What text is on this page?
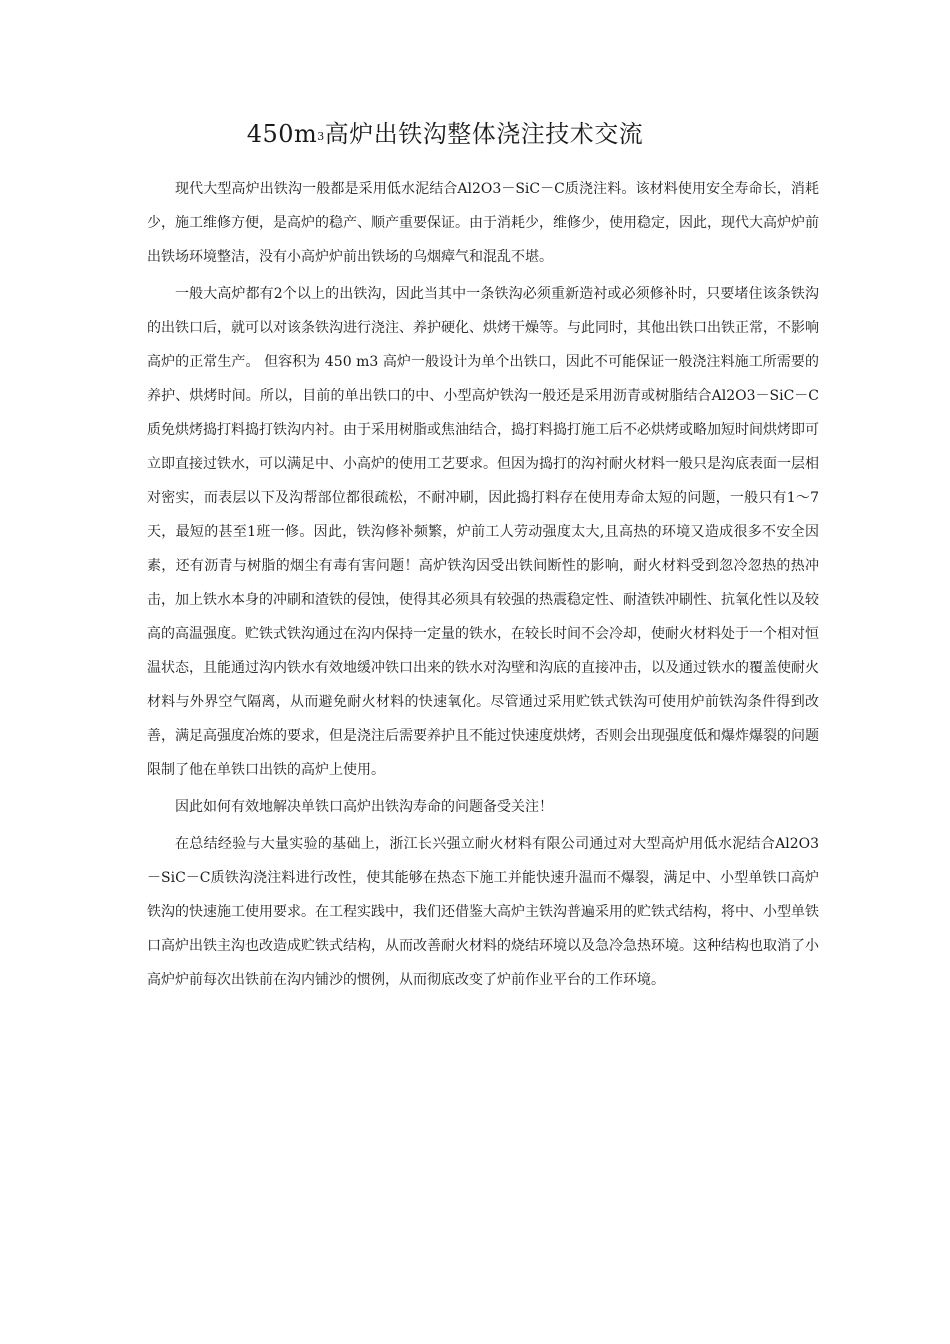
$450m^3$高炉出铁沟整体浇注技术交流

现代大型高炉出铁沟一般都是采用低水泥结合Al2O3－SiC－C质浇注料。该材料使用安全寿命长，消耗少，施工维修方便，是高炉的稳产、顺产重要保证。由于消耗少，维修少，使用稳定，因此，现代大高炉炉前出铁场环境整洁，没有小高炉炉前出铁场的乌烟瘴气和混乱不堪。

一般大高炉都有2个以上的出铁沟，因此当其中一条铁沟必须重新造衬或必须修补时，只要堵住该条铁沟的出铁口后，就可以对该条铁沟进行浇注、养护硬化、烘烤干燥等。与此同时，其他出铁口出铁正常，不影响高炉的正常生产。 但容积为 450 m3 高炉一般设计为单个出铁口，因此不可能保证一般浇注料施工所需要的养护、烘烤时间。所以，目前的单出铁口的中、小型高炉铁沟一般还是采用沥青或树脂结合Al2O3－SiC－C质免烘烤捣打料捣打铁沟内衬。由于采用树脂或焦油结合，捣打料捣打施工后不必烘烤或略加短时间烘烤即可立即直接过铁水，可以满足中、小高炉的使用工艺要求。但因为捣打的沟衬耐火材料一般只是沟底表面一层相对密实，而表层以下及沟帮部位都很疏松，不耐冲刷，因此捣打料存在使用寿命太短的问题，一般只有1～7天，最短的甚至1班一修。因此，铁沟修补频繁，炉前工人劳动强度太大,且高热的环境又造成很多不安全因素，还有沥青与树脂的烟尘有毒有害问题！高炉铁沟因受出铁间断性的影响，耐火材料受到忽冷忽热的热冲击，加上铁水本身的冲刷和渣铁的侵蚀，使得其必须具有较强的热震稳定性、耐渣铁冲刷性、抗氧化性以及较高的高温强度。贮铁式铁沟通过在沟内保持一定量的铁水，在较长时间不会冷却，使耐火材料处于一个相对恒温状态，且能通过沟内铁水有效地缓冲铁口出来的铁水对沟壁和沟底的直接冲击，以及通过铁水的覆盖使耐火材料与外界空气隔离，从而避免耐火材料的快速氧化。尽管通过采用贮铁式铁沟可使用炉前铁沟条件得到改善，满足高强度冶炼的要求，但是浇注后需要养护且不能过快速度烘烤，否则会出现强度低和爆炸爆裂的问题限制了他在单铁口出铁的高炉上使用。

因此如何有效地解决单铁口高炉出铁沟寿命的问题备受关注！

在总结经验与大量实验的基础上，浙江长兴强立耐火材料有限公司通过对大型高炉用低水泥结合Al2O3－SiC－C质铁沟浇注料进行改性，使其能够在热态下施工并能快速升温而不爆裂，满足中、小型单铁口高炉铁沟的快速施工使用要求。在工程实践中，我们还借鉴大高炉主铁沟普遍采用的贮铁式结构，将中、小型单铁口高炉出铁主沟也改造成贮铁式结构，从而改善耐火材料的烧结环境以及急冷急热环境。这种结构也取消了小高炉炉前每次出铁前在沟内铺沙的惯例，从而彻底改变了炉前作业平台的工作环境。
